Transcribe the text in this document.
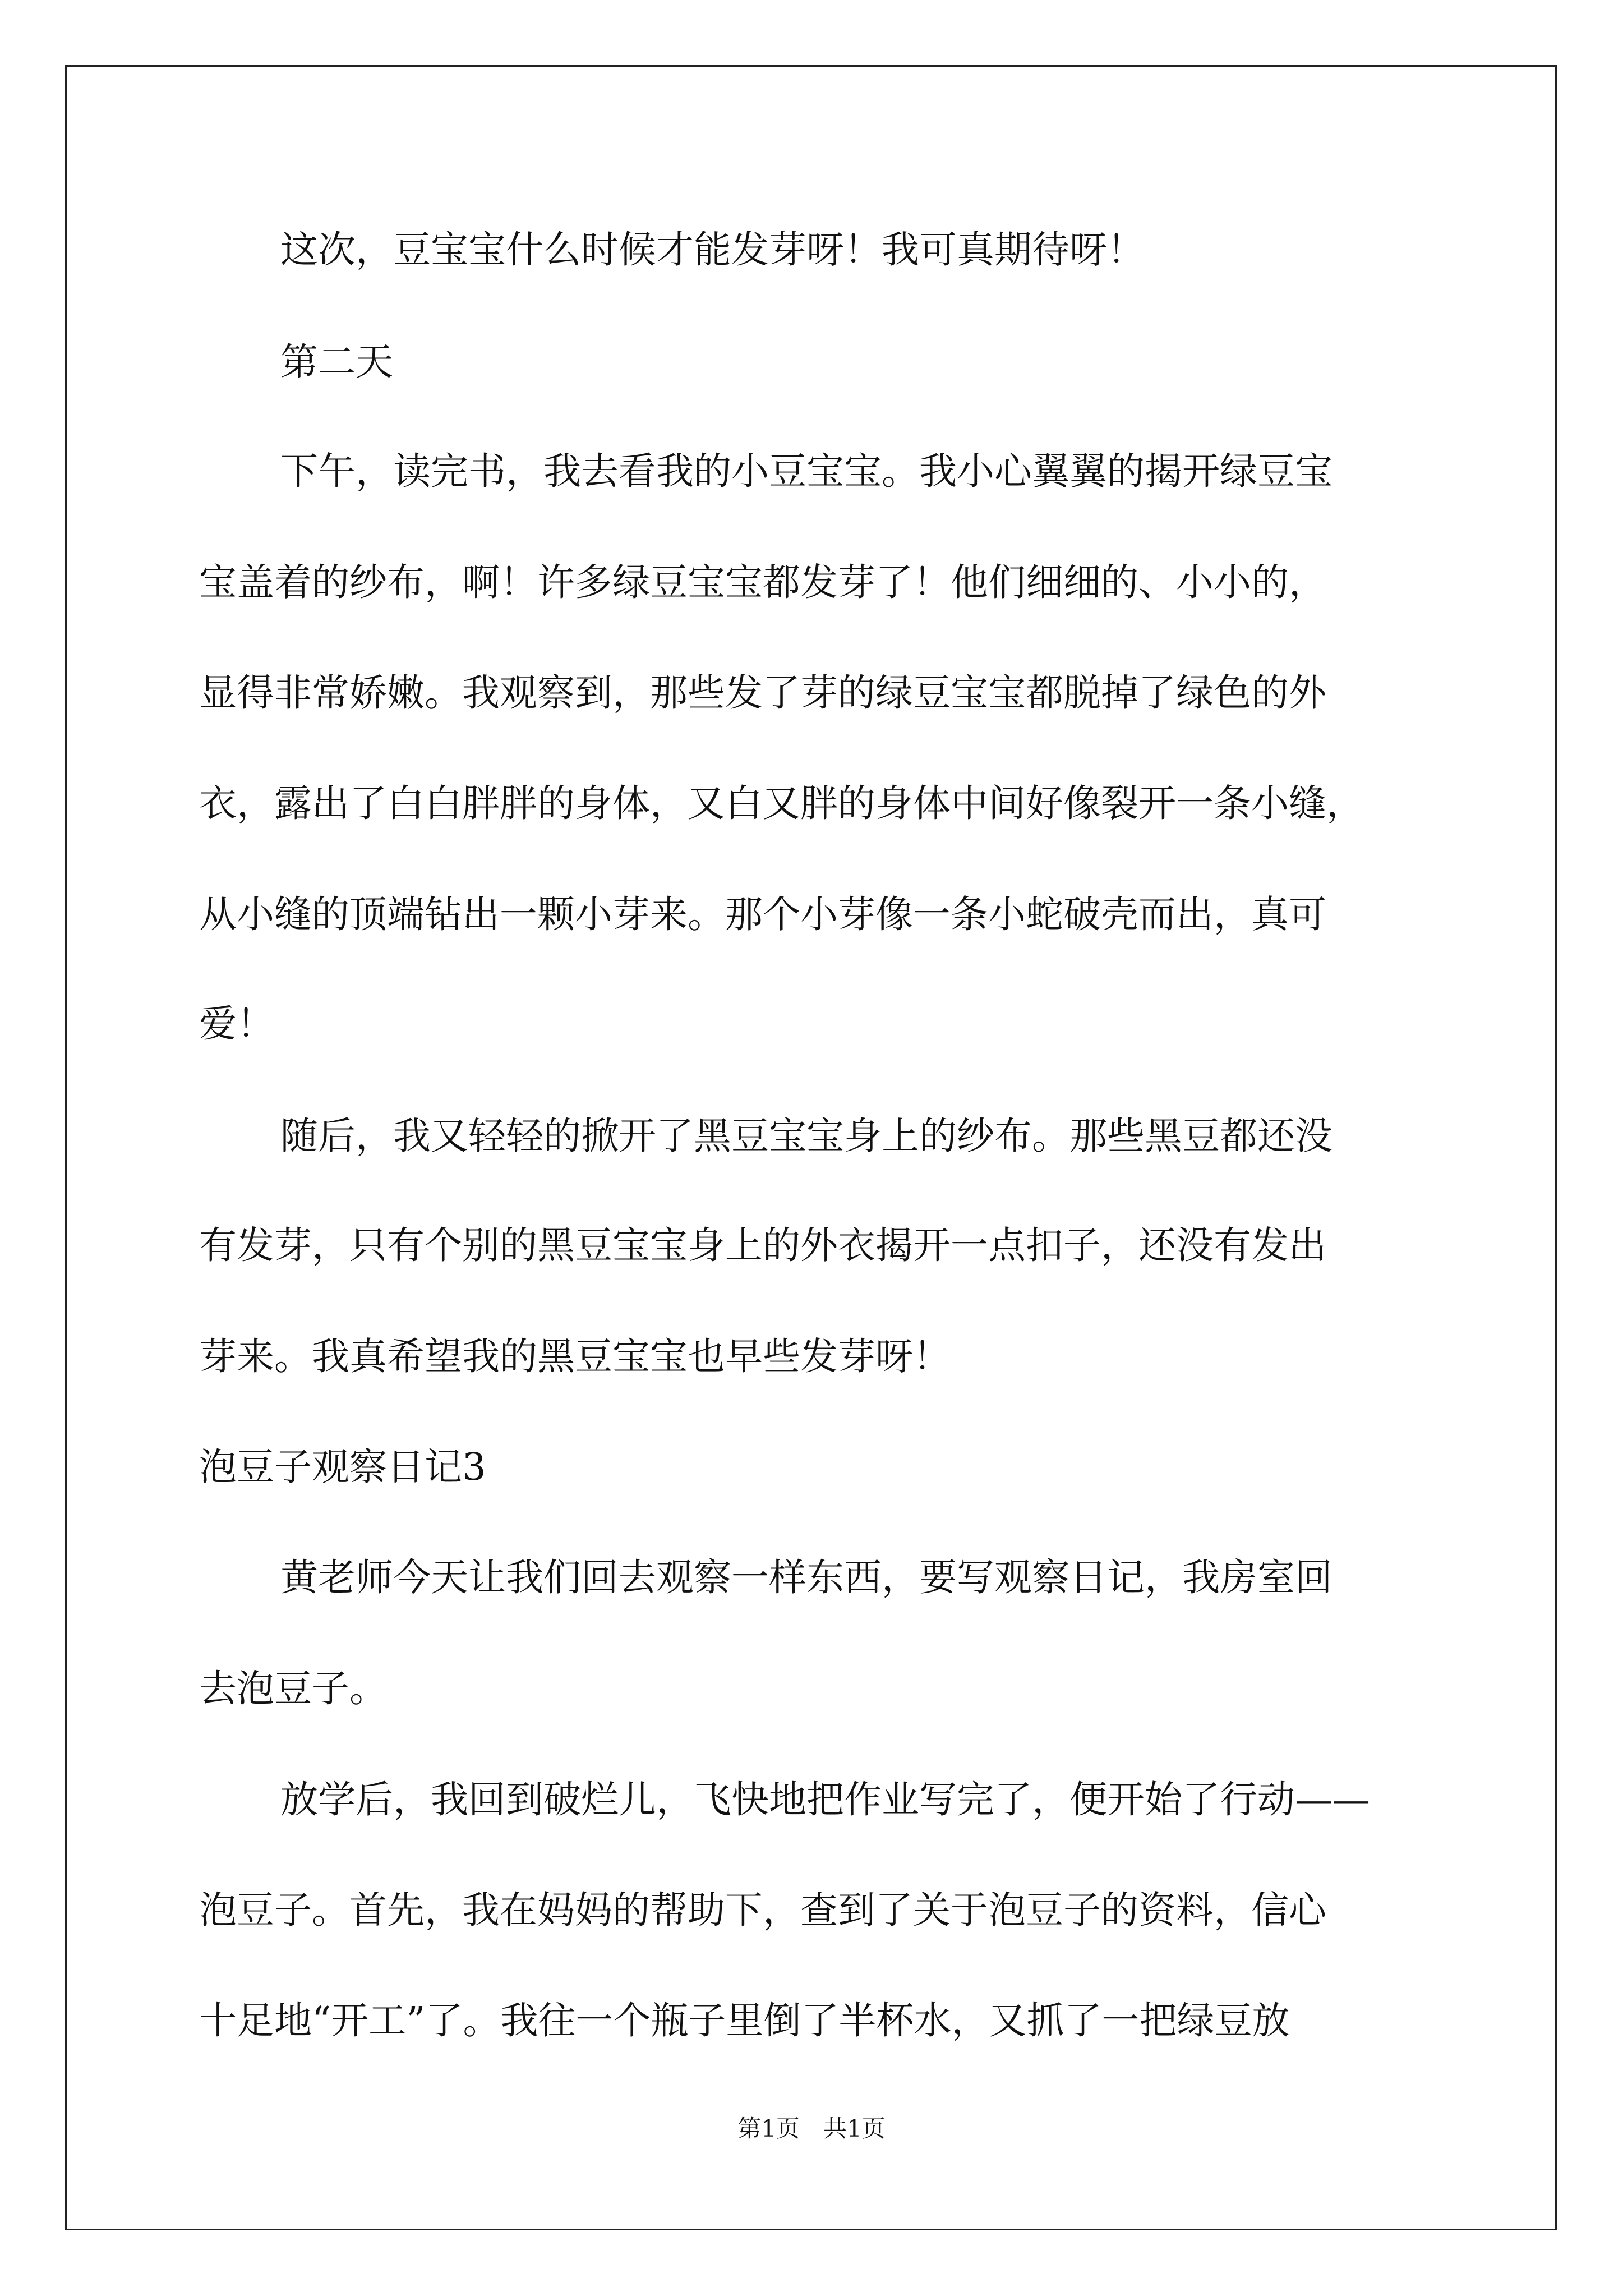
这次，豆宝宝什么时候才能发芽呀！我可真期待呀！

第二天

下午，读完书，我去看我的小豆宝宝。我小心翼翼的揭开绿豆宝

宝盖着的纱布，啊！许多绿豆宝宝都发芽了！他们细细的、小小的，

显得非常娇嫩。我观察到，那些发了芽的绿豆宝宝都脱掉了绿色的外

衣，露出了白白胖胖的身体，又白又胖的身体中间好像裂开一条小缝，

从小缝的顶端钻出一颗小芽来。那个小芽像一条小蛇破壳而出，真可

爱！

随后，我又轻轻的掀开了黑豆宝宝身上的纱布。那些黑豆都还没

有发芽，只有个别的黑豆宝宝身上的外衣揭开一点扣子，还没有发出

芽来。我真希望我的黑豆宝宝也早些发芽呀！

泡豆子观察日记3

黄老师今天让我们回去观察一样东西，要写观察日记，我房室回

去泡豆子。

放学后，我回到破烂儿，飞快地把作业写完了，便开始了行动——

泡豆子。首先，我在妈妈的帮助下，查到了关于泡豆子的资料，信心

十足地“开工”了。我往一个瓶子里倒了半杯水，又抓了一把绿豆放

第1页　共1页
